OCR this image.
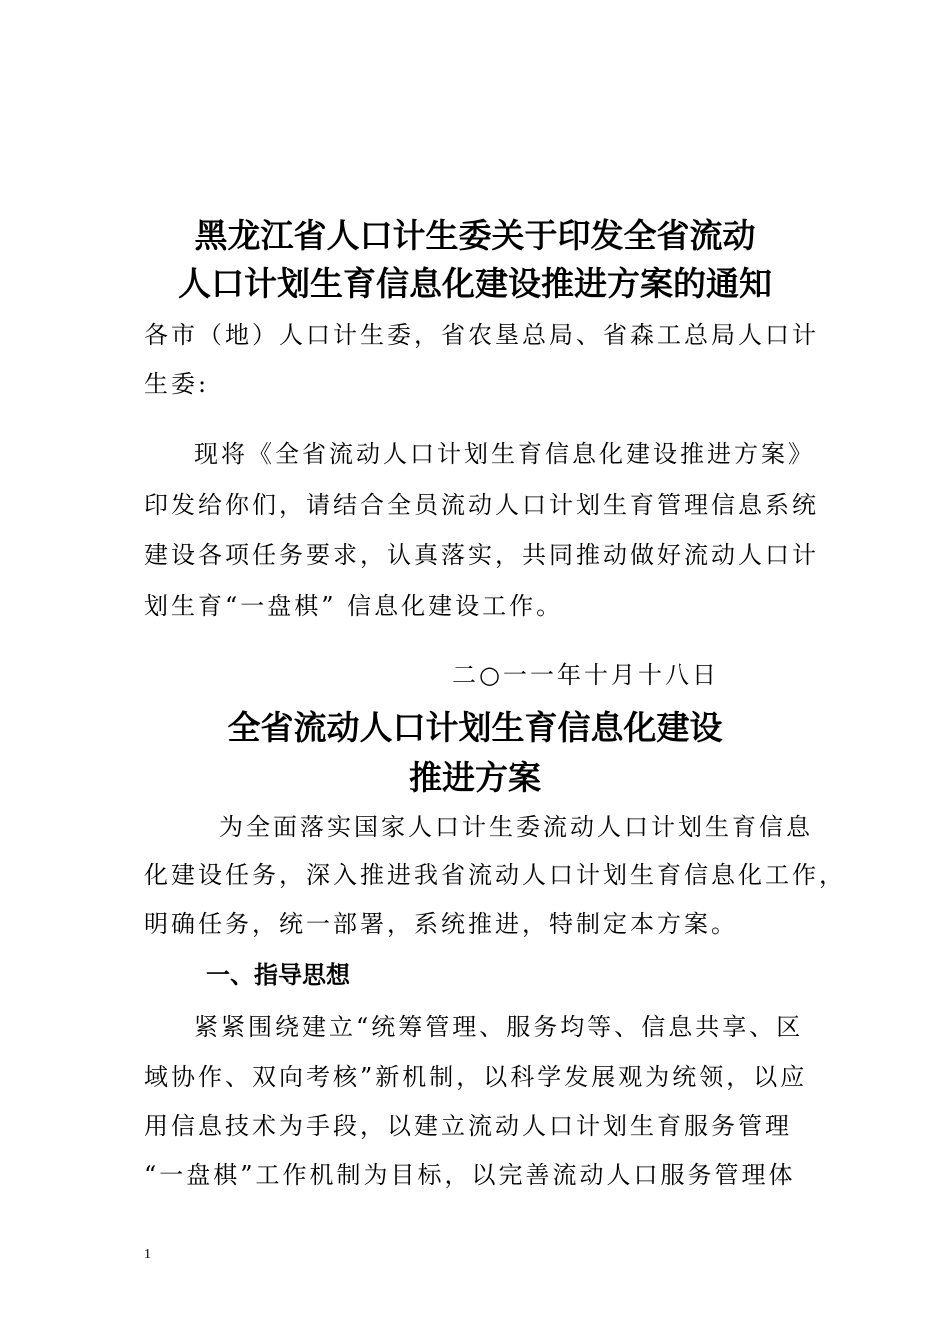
黑龙江省人口计生委关于印发全省流动
人口计划生育信息化建设推进方案的通知
各市（地）人口计生委，省农垦总局、省森工总局人口计
生委:
现将《全省流动人口计划生育信息化建设推进方案》
印发给你们，请结合全员流动人口计划生育管理信息系统
建设各项任务要求，认真落实，共同推动做好流动人口计
划生育“一盘棋” 信息化建设工作。
二○一一年十月十八日
全省流动人口计划生育信息化建设
推进方案
为全面落实国家人口计生委流动人口计划生育信息
化建设任务，深入推进我省流动人口计划生育信息化工作，
明确任务，统一部署，系统推进，特制定本方案。
一、指导思想
紧紧围绕建立“统筹管理、服务均等、信息共享、区
域协作、双向考核”新机制，以科学发展观为统领，以应
用信息技术为手段，以建立流动人口计划生育服务管理
“一盘棋”工作机制为目标，以完善流动人口服务管理体
1
